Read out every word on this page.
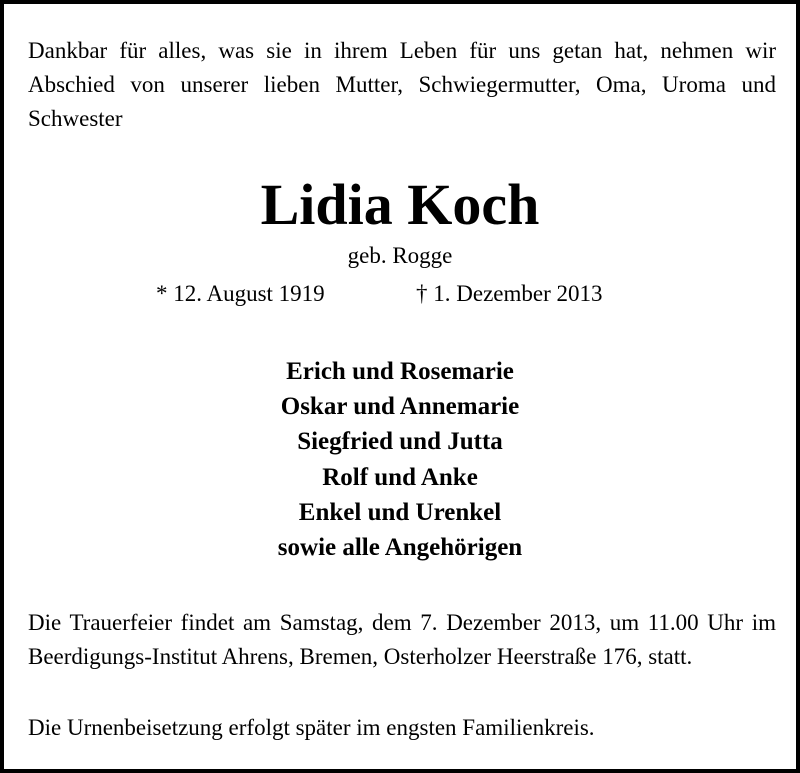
Dankbar für alles, was sie in ihrem Leben für uns getan hat, nehmen wir Abschied von unserer lieben Mutter, Schwiegermutter, Oma, Uroma und Schwester

Lidia Koch

geb. Rogge

* 12. August 1919	† 1. Dezember 2013
Erich und Rosemarie
Oskar und Annemarie
Siegfried und Jutta
Rolf und Anke
Enkel und Urenkel
sowie alle Angehörigen

Die Trauerfeier findet am Samstag, dem 7. Dezember 2013, um 11.00 Uhr im Beerdigungs-Institut Ahrens, Bremen, Osterholzer Heerstraße 176, statt.

Die Urnenbeisetzung erfolgt später im engsten Familienkreis.
